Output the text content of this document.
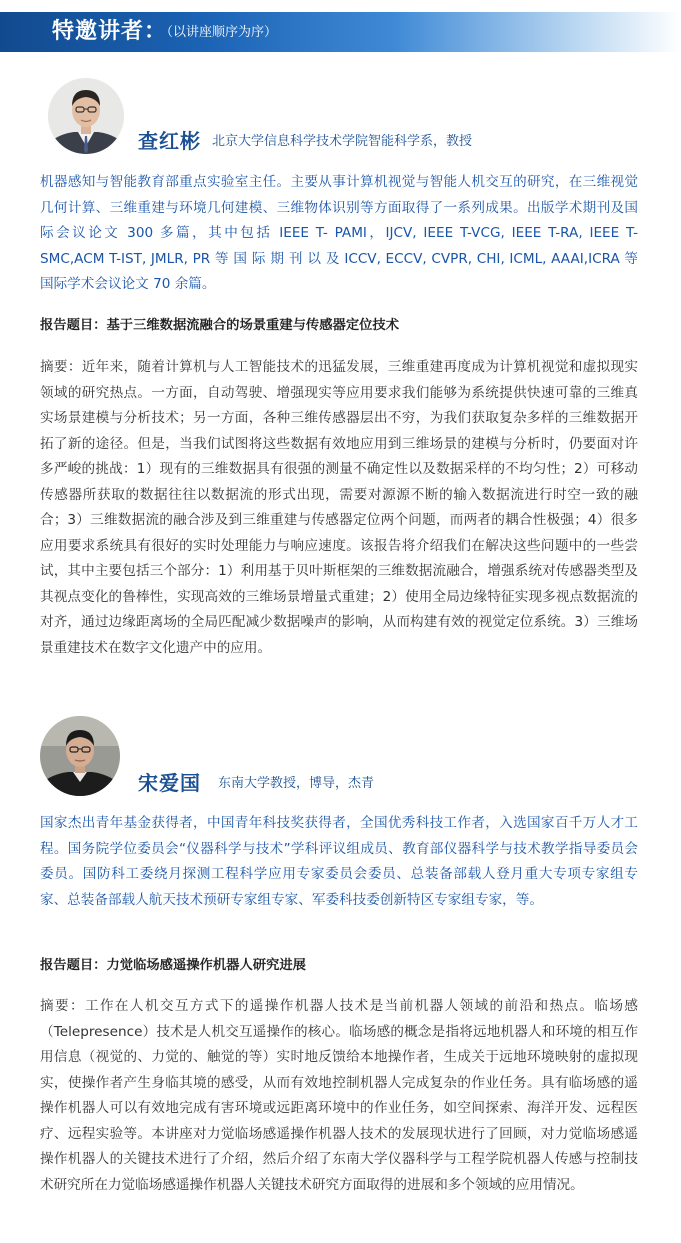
特邀讲者：
（以讲座顺序为序）
查红彬 北京大学信息科学技术学院智能科学系，教授

机器感知与智能教育部重点实验室主任。主要从事计算机视觉与智能人机交互的研究，在三维视觉几何计算、三维重建与环境几何建模、三维物体识别等方面取得了一系列成果。出版学术期刊及国际会议论文 300 多篇，其中包括 IEEE T- PAMI，IJCV, IEEE T-VCG, IEEE T-RA, IEEE T-SMC,ACM T-IST, JMLR, PR 等 国 际 期 刊 以 及 ICCV, ECCV, CVPR, CHI, ICML, AAAI,ICRA 等国际学术会议论文 70 余篇。

报告题目：基于三维数据流融合的场景重建与传感器定位技术

摘要：近年来，随着计算机与人工智能技术的迅猛发展，三维重建再度成为计算机视觉和虚拟现实领域的研究热点。一方面，自动驾驶、增强现实等应用要求我们能够为系统提供快速可靠的三维真实场景建模与分析技术；另一方面，各种三维传感器层出不穷，为我们获取复杂多样的三维数据开拓了新的途径。但是，当我们试图将这些数据有效地应用到三维场景的建模与分析时，仍要面对许多严峻的挑战：1）现有的三维数据具有很强的测量不确定性以及数据采样的不均匀性；2）可移动传感器所获取的数据往往以数据流的形式出现，需要对源源不断的输入数据流进行时空一致的融合；3）三维数据流的融合涉及到三维重建与传感器定位两个问题，而两者的耦合性极强；4）很多应用要求系统具有很好的实时处理能力与响应速度。该报告将介绍我们在解决这些问题中的一些尝试，其中主要包括三个部分：1）利用基于贝叶斯框架的三维数据流融合，增强系统对传感器类型及其视点变化的鲁棒性，实现高效的三维场景增量式重建；2）使用全局边缘特征实现多视点数据流的对齐，通过边缘距离场的全局匹配减少数据噪声的影响，从而构建有效的视觉定位系统。3）三维场景重建技术在数字文化遗产中的应用。

宋爱国 东南大学教授，博导，杰青

国家杰出青年基金获得者，中国青年科技奖获得者，全国优秀科技工作者，入选国家百千万人才工程。国务院学位委员会“仪器科学与技术”学科评议组成员、教育部仪器科学与技术教学指导委员会委员。国防科工委绕月探测工程科学应用专家委员会委员、总装备部载人登月重大专项专家组专家、总装备部载人航天技术预研专家组专家、军委科技委创新特区专家组专家，等。

报告题目：力觉临场感遥操作机器人研究进展

摘要：工作在人机交互方式下的遥操作机器人技术是当前机器人领域的前沿和热点。临场感（Telepresence）技术是人机交互遥操作的核心。临场感的概念是指将远地机器人和环境的相互作用信息（视觉的、力觉的、触觉的等）实时地反馈给本地操作者，生成关于远地环境映射的虚拟现实，使操作者产生身临其境的感受，从而有效地控制机器人完成复杂的作业任务。具有临场感的遥操作机器人可以有效地完成有害环境或远距离环境中的作业任务，如空间探索、海洋开发、远程医疗、远程实验等。本讲座对力觉临场感遥操作机器人技术的发展现状进行了回顾，对力觉临场感遥操作机器人的关键技术进行了介绍，然后介绍了东南大学仪器科学与工程学院机器人传感与控制技术研究所在力觉临场感遥操作机器人关键技术研究方面取得的进展和多个领域的应用情况。
